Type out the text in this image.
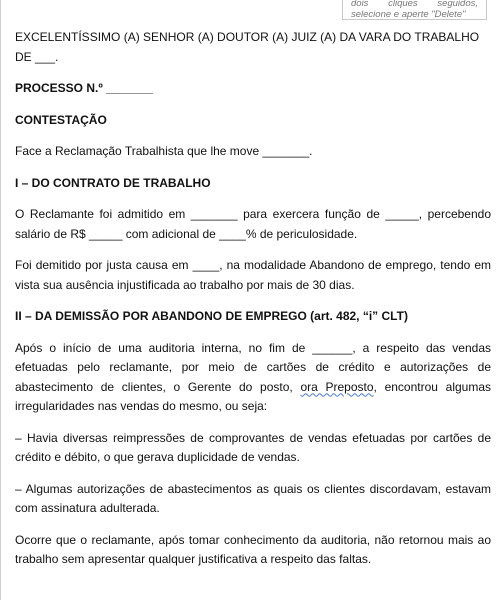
dois cliques seguidos,
selecione e aperte "Delete"

EXCELENTÍSSIMO (A) SENHOR (A) DOUTOR (A) JUIZ (A) DA VARA DO TRABALHO DE ___.

PROCESSO N.º _______

CONTESTAÇÃO

Face a Reclamação Trabalhista que lhe move _______.

I – DO CONTRATO DE TRABALHO

O Reclamante foi admitido em _______ para exercera função de _____, percebendo salário de R$ _____ com adicional de ____% de periculosidade.

Foi demitido por justa causa em ____, na modalidade Abandono de emprego, tendo em vista sua ausência injustificada ao trabalho por mais de 30 dias.

II – DA DEMISSÃO POR ABANDONO DE EMPREGO (art. 482, “i” CLT)

Após o início de uma auditoria interna, no fim de ______, a respeito das vendas efetuadas pelo reclamante, por meio de cartões de crédito e autorizações de abastecimento de clientes, o Gerente do posto, ora Preposto, encontrou algumas irregularidades nas vendas do mesmo, ou seja:

– Havia diversas reimpressões de comprovantes de vendas efetuadas por cartões de crédito e débito, o que gerava duplicidade de vendas.

– Algumas autorizações de abastecimentos as quais os clientes discordavam, estavam com assinatura adulterada.

Ocorre que o reclamante, após tomar conhecimento da auditoria, não retornou mais ao trabalho sem apresentar qualquer justificativa a respeito das faltas.
